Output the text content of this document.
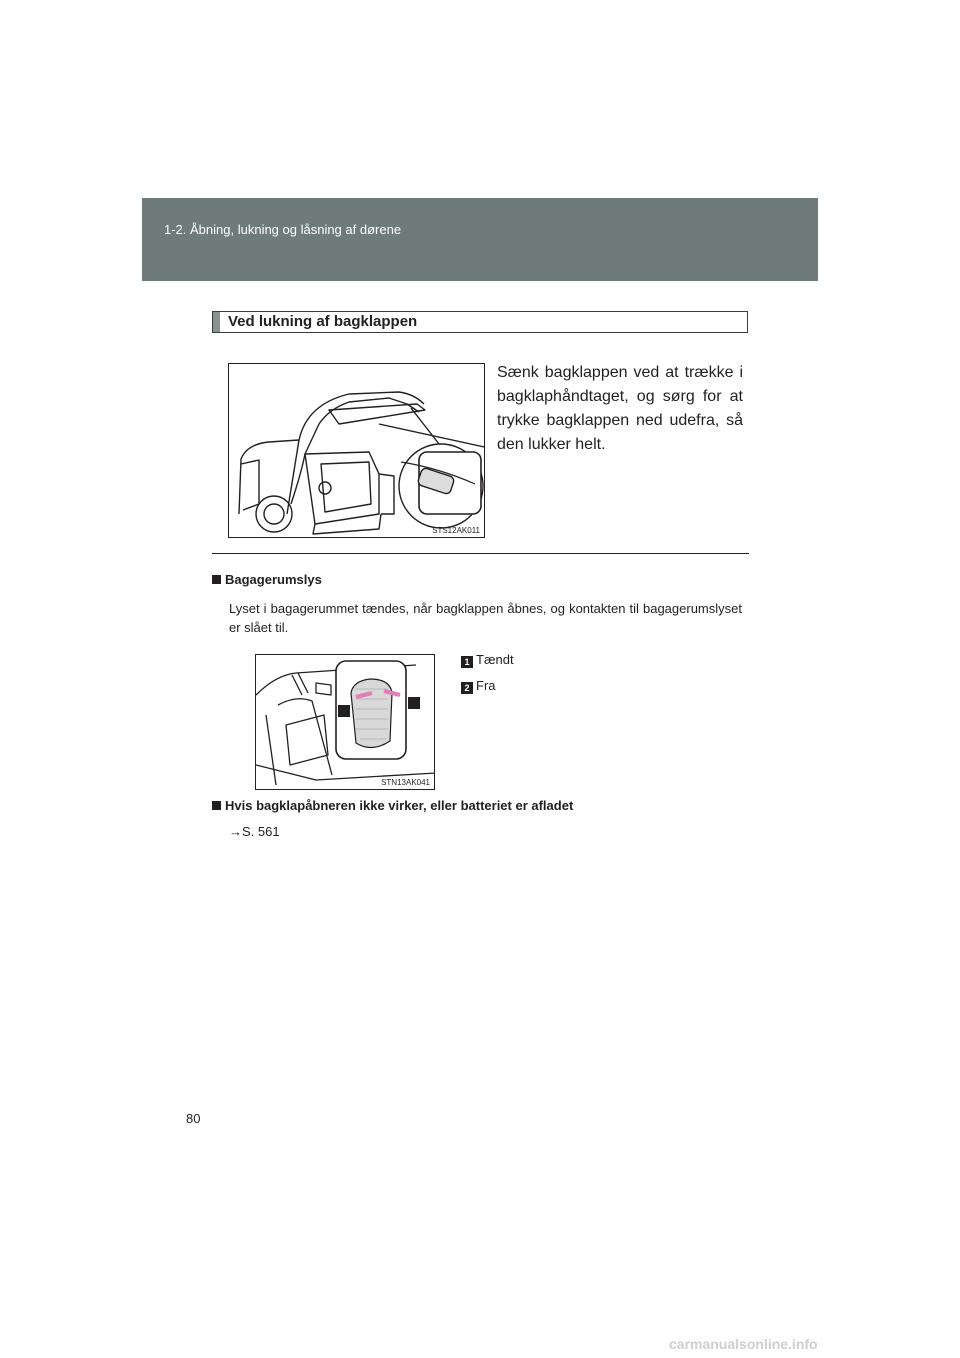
1-2. Åbning, lukning og låsning af dørene
Ved lukning af bagklappen
STS12AK011
Sænk bagklappen ved at trække i bagklaphåndtaget, og sørg for at trykke bagklappen ned udefra, så den lukker helt.
Bagagerumslys
Lyset i bagagerummet tændes, når bagklappen åbnes, og kontakten til bagagerumslyset er slået til.
STN13AK041
1 Tændt
2 Fra
Hvis bagklapåbneren ikke virker, eller batteriet er afladet
→S. 561
80
carmanualsonline.info
